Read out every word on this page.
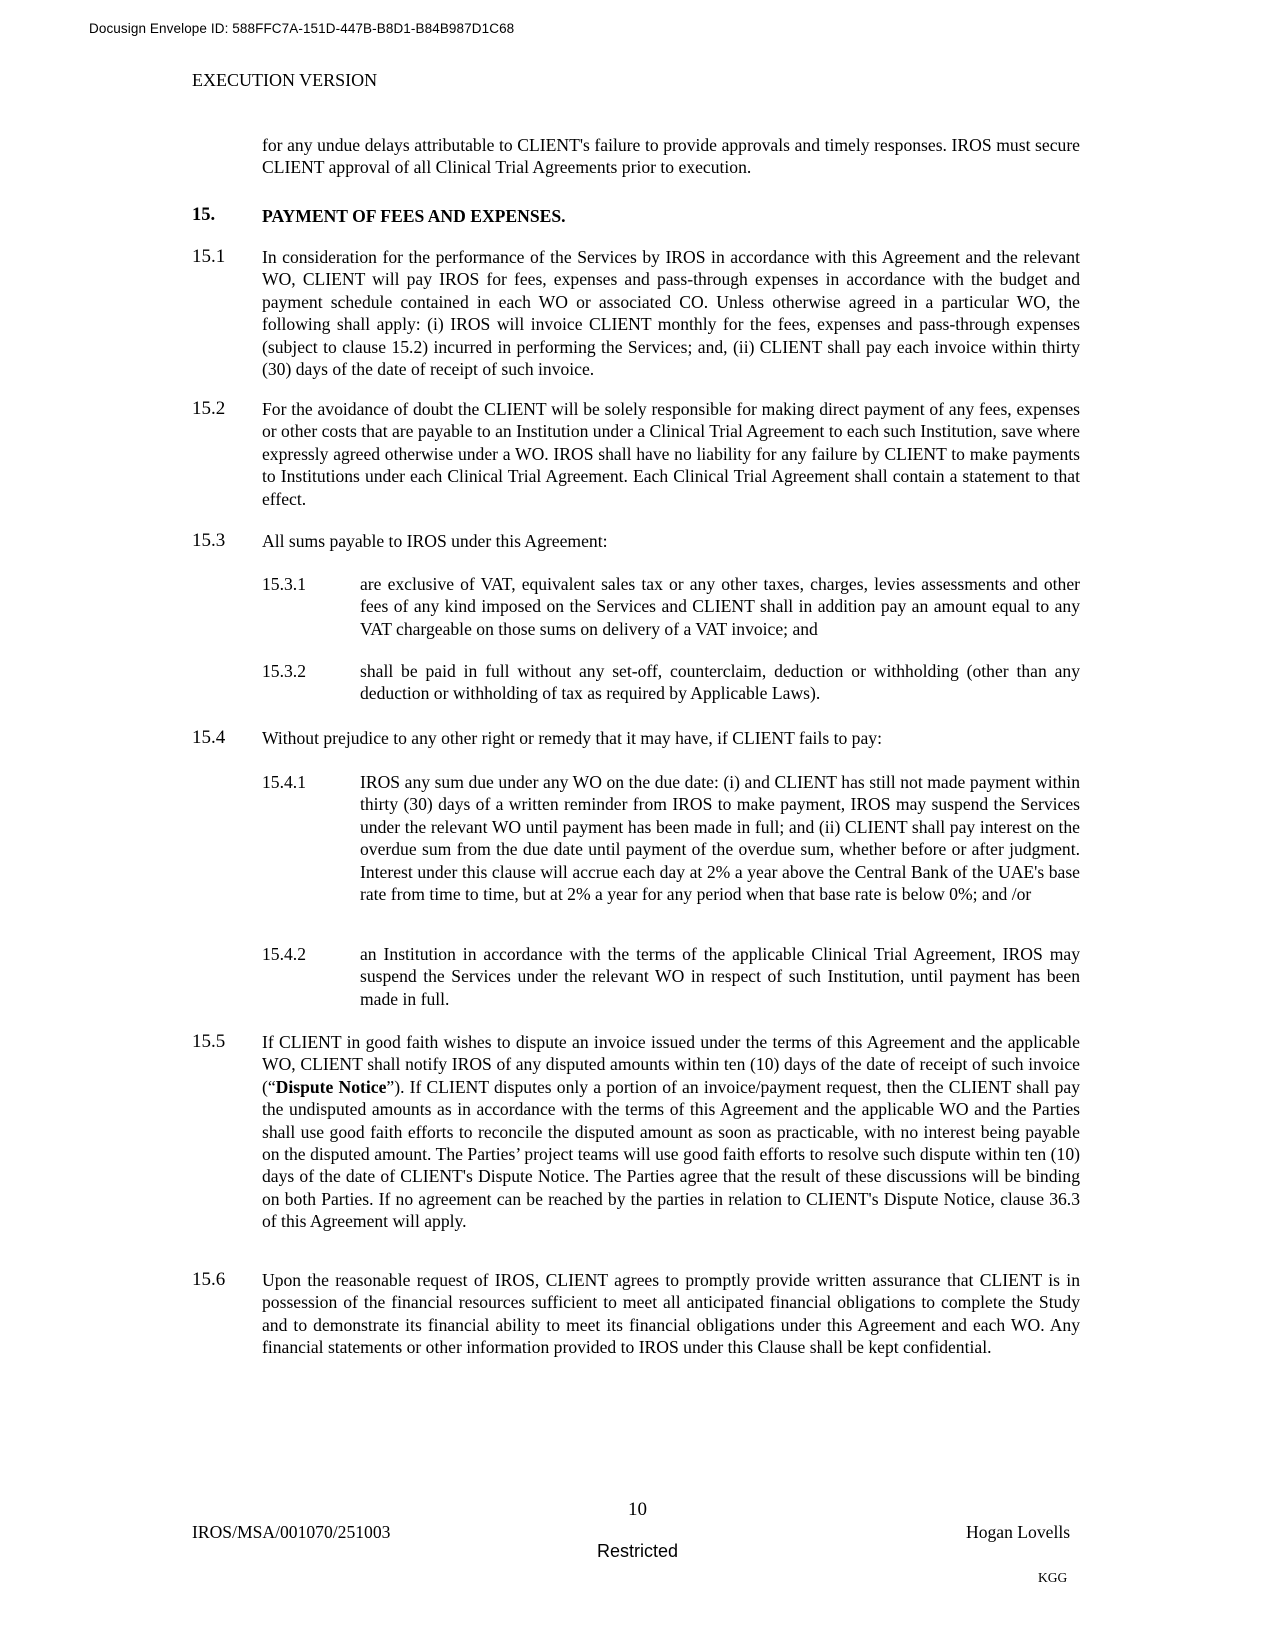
Docusign Envelope ID: 588FFC7A-151D-447B-B8D1-B84B987D1C68
EXECUTION VERSION
for any undue delays attributable to CLIENT's failure to provide approvals and timely responses. IROS must secure CLIENT approval of all Clinical Trial Agreements prior to execution.
15.	PAYMENT OF FEES AND EXPENSES.
15.1 In consideration for the performance of the Services by IROS in accordance with this Agreement and the relevant WO, CLIENT will pay IROS for fees, expenses and pass-through expenses in accordance with the budget and payment schedule contained in each WO or associated CO. Unless otherwise agreed in a particular WO, the following shall apply: (i) IROS will invoice CLIENT monthly for the fees, expenses and pass-through expenses (subject to clause 15.2) incurred in performing the Services; and, (ii) CLIENT shall pay each invoice within thirty (30) days of the date of receipt of such invoice.
15.2 For the avoidance of doubt the CLIENT will be solely responsible for making direct payment of any fees, expenses or other costs that are payable to an Institution under a Clinical Trial Agreement to each such Institution, save where expressly agreed otherwise under a WO. IROS shall have no liability for any failure by CLIENT to make payments to Institutions under each Clinical Trial Agreement. Each Clinical Trial Agreement shall contain a statement to that effect.
15.3 All sums payable to IROS under this Agreement:
15.3.1	are exclusive of VAT, equivalent sales tax or any other taxes, charges, levies assessments and other fees of any kind imposed on the Services and CLIENT shall in addition pay an amount equal to any VAT chargeable on those sums on delivery of a VAT invoice; and
15.3.2	shall be paid in full without any set-off, counterclaim, deduction or withholding (other than any deduction or withholding of tax as required by Applicable Laws).
15.4 Without prejudice to any other right or remedy that it may have, if CLIENT fails to pay:
15.4.1	IROS any sum due under any WO on the due date: (i) and CLIENT has still not made payment within thirty (30) days of a written reminder from IROS to make payment, IROS may suspend the Services under the relevant WO until payment has been made in full; and (ii) CLIENT shall pay interest on the overdue sum from the due date until payment of the overdue sum, whether before or after judgment. Interest under this clause will accrue each day at 2% a year above the Central Bank of the UAE's base rate from time to time, but at 2% a year for any period when that base rate is below 0%; and /or
15.4.2	an Institution in accordance with the terms of the applicable Clinical Trial Agreement, IROS may suspend the Services under the relevant WO in respect of such Institution, until payment has been made in full.
15.5 If CLIENT in good faith wishes to dispute an invoice issued under the terms of this Agreement and the applicable WO, CLIENT shall notify IROS of any disputed amounts within ten (10) days of the date of receipt of such invoice (“Dispute Notice”). If CLIENT disputes only a portion of an invoice/payment request, then the CLIENT shall pay the undisputed amounts as in accordance with the terms of this Agreement and the applicable WO and the Parties shall use good faith efforts to reconcile the disputed amount as soon as practicable, with no interest being payable on the disputed amount. The Parties’ project teams will use good faith efforts to resolve such dispute within ten (10) days of the date of CLIENT's Dispute Notice. The Parties agree that the result of these discussions will be binding on both Parties. If no agreement can be reached by the parties in relation to CLIENT's Dispute Notice, clause 36.3 of this Agreement will apply.
15.6 Upon the reasonable request of IROS, CLIENT agrees to promptly provide written assurance that CLIENT is in possession of the financial resources sufficient to meet all anticipated financial obligations to complete the Study and to demonstrate its financial ability to meet its financial obligations under this Agreement and each WO. Any financial statements or other information provided to IROS under this Clause shall be kept confidential.
10
IROS/MSA/001070/251003
Restricted
Hogan Lovells
KGG
